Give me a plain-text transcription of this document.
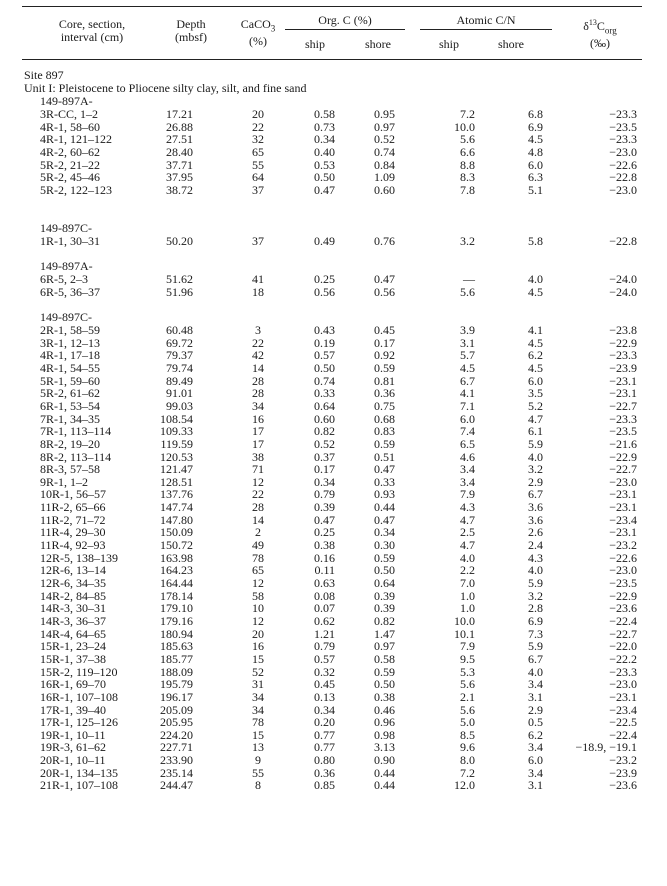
Core, section,
interval (cm)
Depth
(mbsf)
CaCO$_3$
(%)
Org. C (%)
ship	shore
Atomic C/N
ship	shore
$\delta^{13}C_{org}$
(‰)
Site 897
Unit I: Pleistocene to Pliocene silty clay, silt, and fine sand
149-897A-
149-897C-
149-897A-
149-897C-
3R-CC, 1–2	17.21	20	0.58	0.95	7.2	6.8	−23.3
4R-1, 58–60	26.88	22	0.73	0.97	10.0	6.9	−23.5
4R-1, 121–122	27.51	32	0.34	0.52	5.6	4.5	−23.3
4R-2, 60–62	28.40	65	0.40	0.74	6.6	4.8	−23.0
5R-2, 21–22	37.71	55	0.53	0.84	8.8	6.0	−22.6
5R-2, 45–46	37.95	64	0.50	1.09	8.3	6.3	−22.8
5R-2, 122–123	38.72	37	0.47	0.60	7.8	5.1	−23.0
1R-1, 30–31	50.20	37	0.49	0.76	3.2	5.8	−22.8
6R-5, 2–3	51.62	41	0.25	0.47	—	4.0	−24.0
6R-5, 36–37	51.96	18	0.56	0.56	5.6	4.5	−24.0
2R-1, 58–59	60.48	3	0.43	0.45	3.9	4.1	−23.8
3R-1, 12–13	69.72	22	0.19	0.17	3.1	4.5	−22.9
4R-1, 17–18	79.37	42	0.57	0.92	5.7	6.2	−23.3
4R-1, 54–55	79.74	14	0.50	0.59	4.5	4.5	−23.9
5R-1, 59–60	89.49	28	0.74	0.81	6.7	6.0	−23.1
5R-2, 61–62	91.01	28	0.33	0.36	4.1	3.5	−23.1
6R-1, 53–54	99.03	34	0.64	0.75	7.1	5.2	−22.7
7R-1, 34–35	108.54	16	0.60	0.68	6.0	4.7	−23.3
7R-1, 113–114	109.33	17	0.82	0.83	7.4	6.1	−23.5
8R-2, 19–20	119.59	17	0.52	0.59	6.5	5.9	−21.6
8R-2, 113–114	120.53	38	0.37	0.51	4.6	4.0	−22.9
8R-3, 57–58	121.47	71	0.17	0.47	3.4	3.2	−22.7
9R-1, 1–2	128.51	12	0.34	0.33	3.4	2.9	−23.0
10R-1, 56–57	137.76	22	0.79	0.93	7.9	6.7	−23.1
11R-2, 65–66	147.74	28	0.39	0.44	4.3	3.6	−23.1
11R-2, 71–72	147.80	14	0.47	0.47	4.7	3.6	−23.4
11R-4, 29–30	150.09	2	0.25	0.34	2.5	2.6	−23.1
11R-4, 92–93	150.72	49	0.38	0.30	4.7	2.4	−23.2
12R-5, 138–139	163.98	78	0.16	0.59	4.0	4.3	−22.6
12R-6, 13–14	164.23	65	0.11	0.50	2.2	4.0	−23.0
12R-6, 34–35	164.44	12	0.63	0.64	7.0	5.9	−23.5
14R-2, 84–85	178.14	58	0.08	0.39	1.0	3.2	−22.9
14R-3, 30–31	179.10	10	0.07	0.39	1.0	2.8	−23.6
14R-3, 36–37	179.16	12	0.62	0.82	10.0	6.9	−22.4
14R-4, 64–65	180.94	20	1.21	1.47	10.1	7.3	−22.7
15R-1, 23–24	185.63	16	0.79	0.97	7.9	5.9	−22.0
15R-1, 37–38	185.77	15	0.57	0.58	9.5	6.7	−22.2
15R-2, 119–120	188.09	52	0.32	0.59	5.3	4.0	−23.3
16R-1, 69–70	195.79	31	0.45	0.50	5.6	3.4	−23.0
16R-1, 107–108	196.17	34	0.13	0.38	2.1	3.1	−23.1
17R-1, 39–40	205.09	34	0.34	0.46	5.6	2.9	−23.4
17R-1, 125–126	205.95	78	0.20	0.96	5.0	0.5	−22.5
19R-1, 10–11	224.20	15	0.77	0.98	8.5	6.2	−22.4
19R-3, 61–62	227.71	13	0.77	3.13	9.6	3.4	−18.9, −19.1
20R-1, 10–11	233.90	9	0.80	0.90	8.0	6.0	−23.2
20R-1, 134–135	235.14	55	0.36	0.44	7.2	3.4	−23.9
21R-1, 107–108	244.47	8	0.85	0.44	12.0	3.1	−23.6
